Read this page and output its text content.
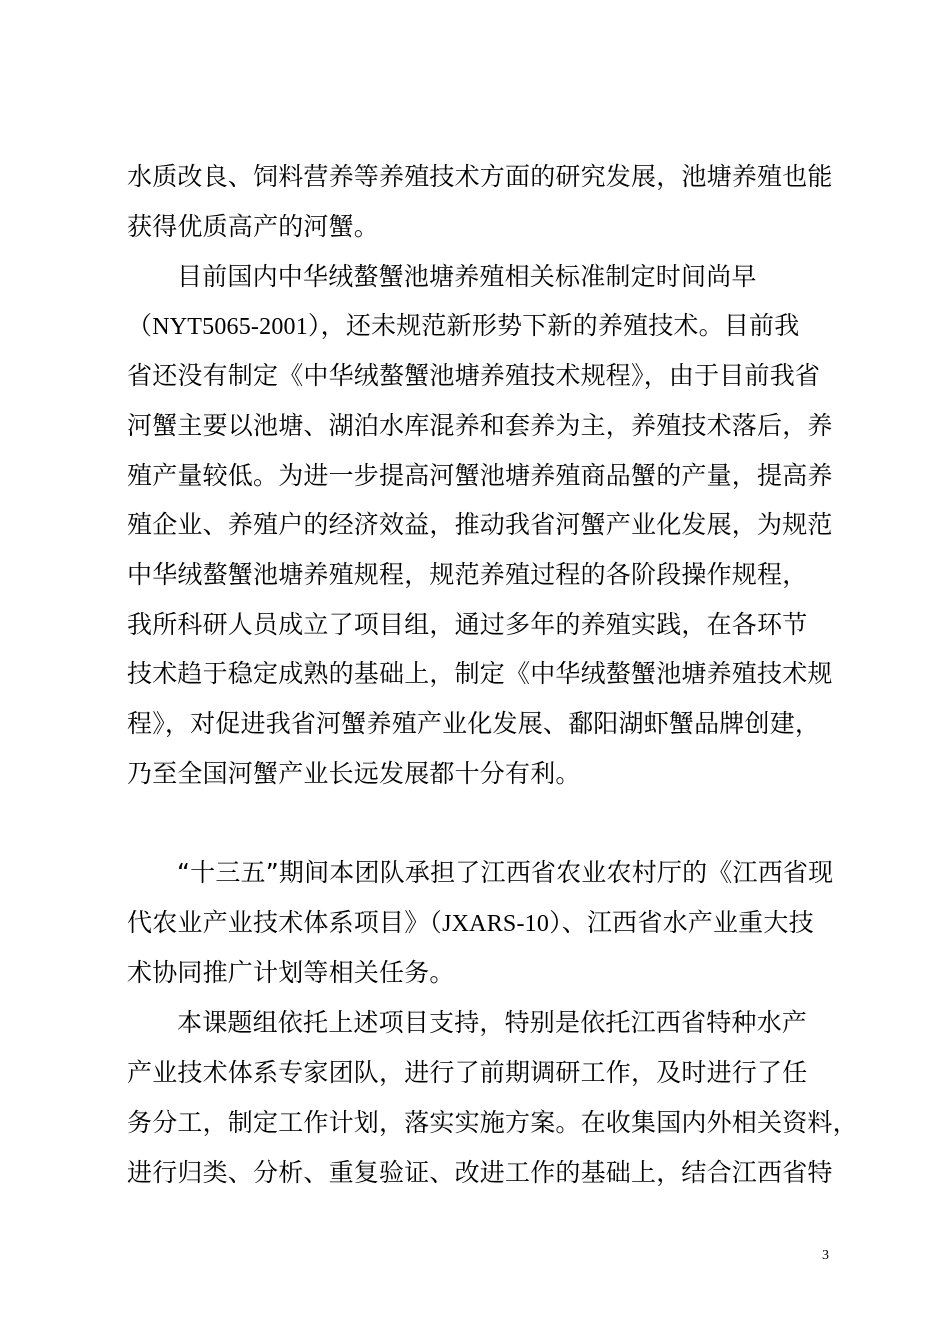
水质改良、饲料营养等养殖技术方面的研究发展，池塘养殖也能
获得优质高产的河蟹。
目前国内中华绒螯蟹池塘养殖相关标准制定时间尚早
（NYT5065-2001），还未规范新形势下新的养殖技术。目前我
省还没有制定《中华绒螯蟹池塘养殖技术规程》，由于目前我省
河蟹主要以池塘、湖泊水库混养和套养为主，养殖技术落后，养
殖产量较低。为进一步提高河蟹池塘养殖商品蟹的产量，提高养
殖企业、养殖户的经济效益，推动我省河蟹产业化发展，为规范
中华绒螯蟹池塘养殖规程，规范养殖过程的各阶段操作规程，
我所科研人员成立了项目组，通过多年的养殖实践，在各环节
技术趋于稳定成熟的基础上，制定《中华绒螯蟹池塘养殖技术规
程》，对促进我省河蟹养殖产业化发展、鄱阳湖虾蟹品牌创建，
乃至全国河蟹产业长远发展都十分有利。
“十三五”期间本团队承担了江西省农业农村厅的《江西省现
代农业产业技术体系项目》（JXARS-10）、江西省水产业重大技
术协同推广计划等相关任务。
本课题组依托上述项目支持，特别是依托江西省特种水产
产业技术体系专家团队，进行了前期调研工作，及时进行了任
务分工，制定工作计划，落实实施方案。在收集国内外相关资料，
进行归类、分析、重复验证、改进工作的基础上，结合江西省特
3
